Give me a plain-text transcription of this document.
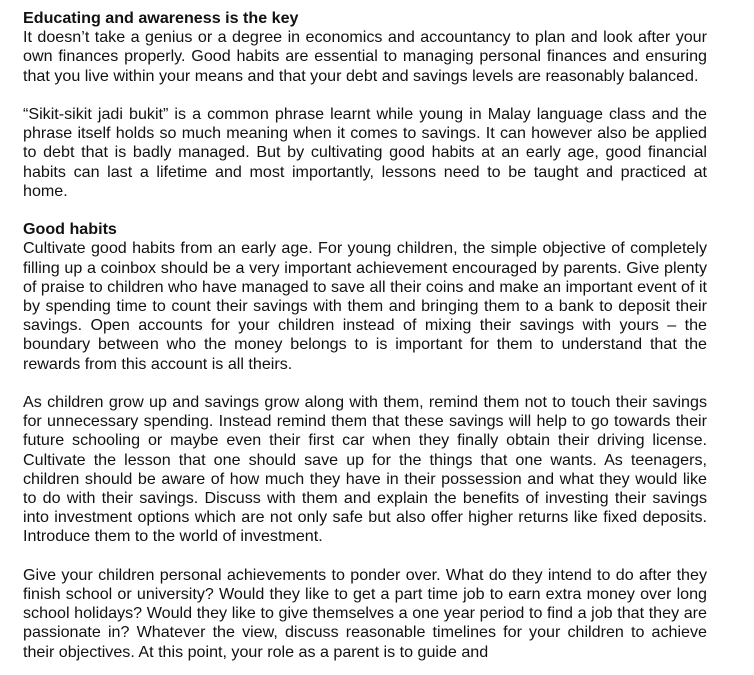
Educating and awareness is the key

It doesn’t take a genius or a degree in economics and accountancy to plan and look after your own finances properly. Good habits are essential to managing personal finances and ensuring that you live within your means and that your debt and savings levels are reasonably balanced.

“Sikit-sikit jadi bukit” is a common phrase learnt while young in Malay language class and the phrase itself holds so much meaning when it comes to savings. It can however also be applied to debt that is badly managed. But by cultivating good habits at an early age, good financial habits can last a lifetime and most importantly, lessons need to be taught and practiced at home.

Good habits

Cultivate good habits from an early age. For young children, the simple objective of completely filling up a coinbox should be a very important achievement encouraged by parents. Give plenty of praise to children who have managed to save all their coins and make an important event of it by spending time to count their savings with them and bringing them to a bank to deposit their savings. Open accounts for your children instead of mixing their savings with yours – the boundary between who the money belongs to is important for them to understand that the rewards from this account is all theirs.

As children grow up and savings grow along with them, remind them not to touch their savings for unnecessary spending. Instead remind them that these savings will help to go towards their future schooling or maybe even their first car when they finally obtain their driving license. Cultivate the lesson that one should save up for the things that one wants. As teenagers, children should be aware of how much they have in their possession and what they would like to do with their savings. Discuss with them and explain the benefits of investing their savings into investment options which are not only safe but also offer higher returns like fixed deposits. Introduce them to the world of investment.

Give your children personal achievements to ponder over. What do they intend to do after they finish school or university? Would they like to get a part time job to earn extra money over long school holidays? Would they like to give themselves a one year period to find a job that they are passionate in? Whatever the view, discuss reasonable timelines for your children to achieve their objectives. At this point, your role as a parent is to guide and
